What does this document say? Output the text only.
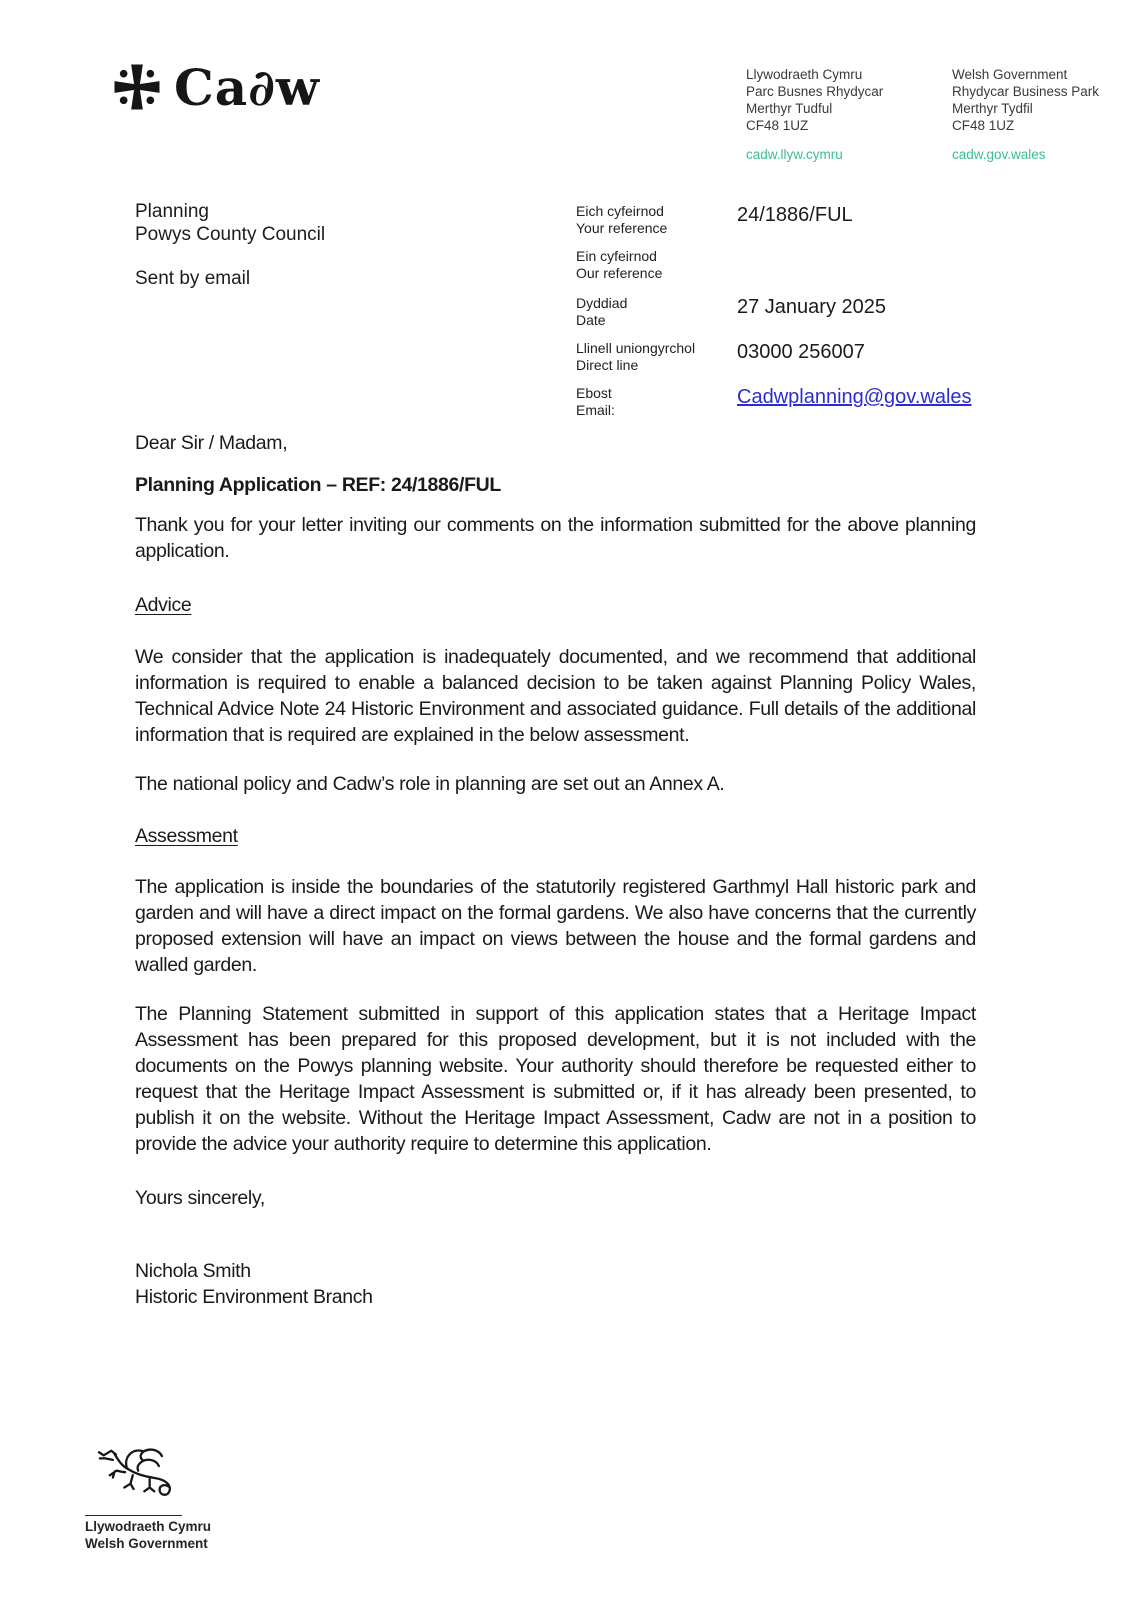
Ca∂w	Llywodraeth Cymru
Parc Busnes Rhydycar
Merthyr Tudful
CF48 1UZ
cadw.llyw.cymru
Welsh Government
Rhydycar Business Park
Merthyr Tydfil
CF48 1UZ
cadw.gov.wales
Planning
Powys County Council
Sent by email
Eich cyfeirnod
Your reference
24/1886/FUL
Ein cyfeirnod
Our reference
Dyddiad
Date
27 January 2025
Llinell uniongyrchol
Direct line
03000 256007
Ebost
Email:
Cadwplanning@gov.wales

Dear Sir / Madam,

Planning Application – REF: 24/1886/FUL

Thank you for your letter inviting our comments on the information submitted for the above planning application.

Advice

We consider that the application is inadequately documented, and we recommend that additional information is required to enable a balanced decision to be taken against Planning Policy Wales, Technical Advice Note 24 Historic Environment and associated guidance. Full details of the additional information that is required are explained in the below assessment.

The national policy and Cadw’s role in planning are set out an Annex A.

Assessment

The application is inside the boundaries of the statutorily registered Garthmyl Hall historic park and garden and will have a direct impact on the formal gardens. We also have concerns that the currently proposed extension will have an impact on views between the house and the formal gardens and walled garden.

The Planning Statement submitted in support of this application states that a Heritage Impact Assessment has been prepared for this proposed development, but it is not included with the documents on the Powys planning website. Your authority should therefore be requested either to request that the Heritage Impact Assessment is submitted or, if it has already been presented, to publish it on the website. Without the Heritage Impact Assessment, Cadw are not in a position to provide the advice your authority require to determine this application.

Yours sincerely,

Nichola Smith
Historic Environment Branch
Llywodraeth Cymru
Welsh Government
